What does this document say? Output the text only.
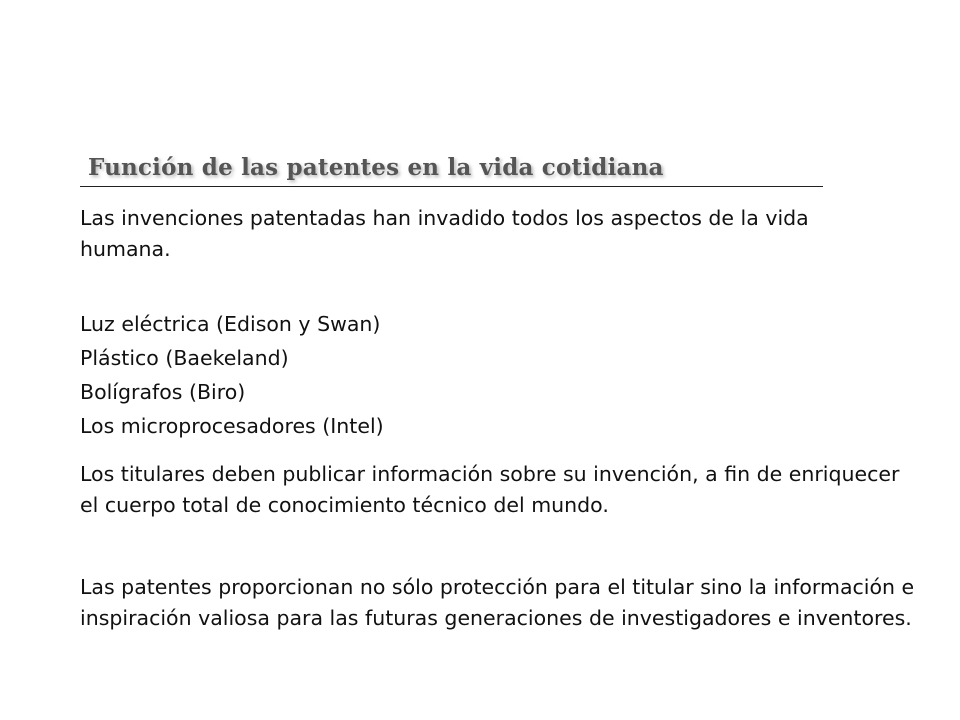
Función de las patentes en la vida cotidiana

Las invenciones patentadas han invadido todos los aspectos de la vida humana.

Luz eléctrica (Edison y Swan)
Plástico (Baekeland)
Bolígrafos (Biro)
Los microprocesadores (Intel)

Los titulares deben publicar información sobre su invención, a fin de enriquecer el cuerpo total de conocimiento técnico del mundo.

Las patentes proporcionan no sólo protección para el titular sino la información e inspiración valiosa para las futuras generaciones de investigadores e inventores.
